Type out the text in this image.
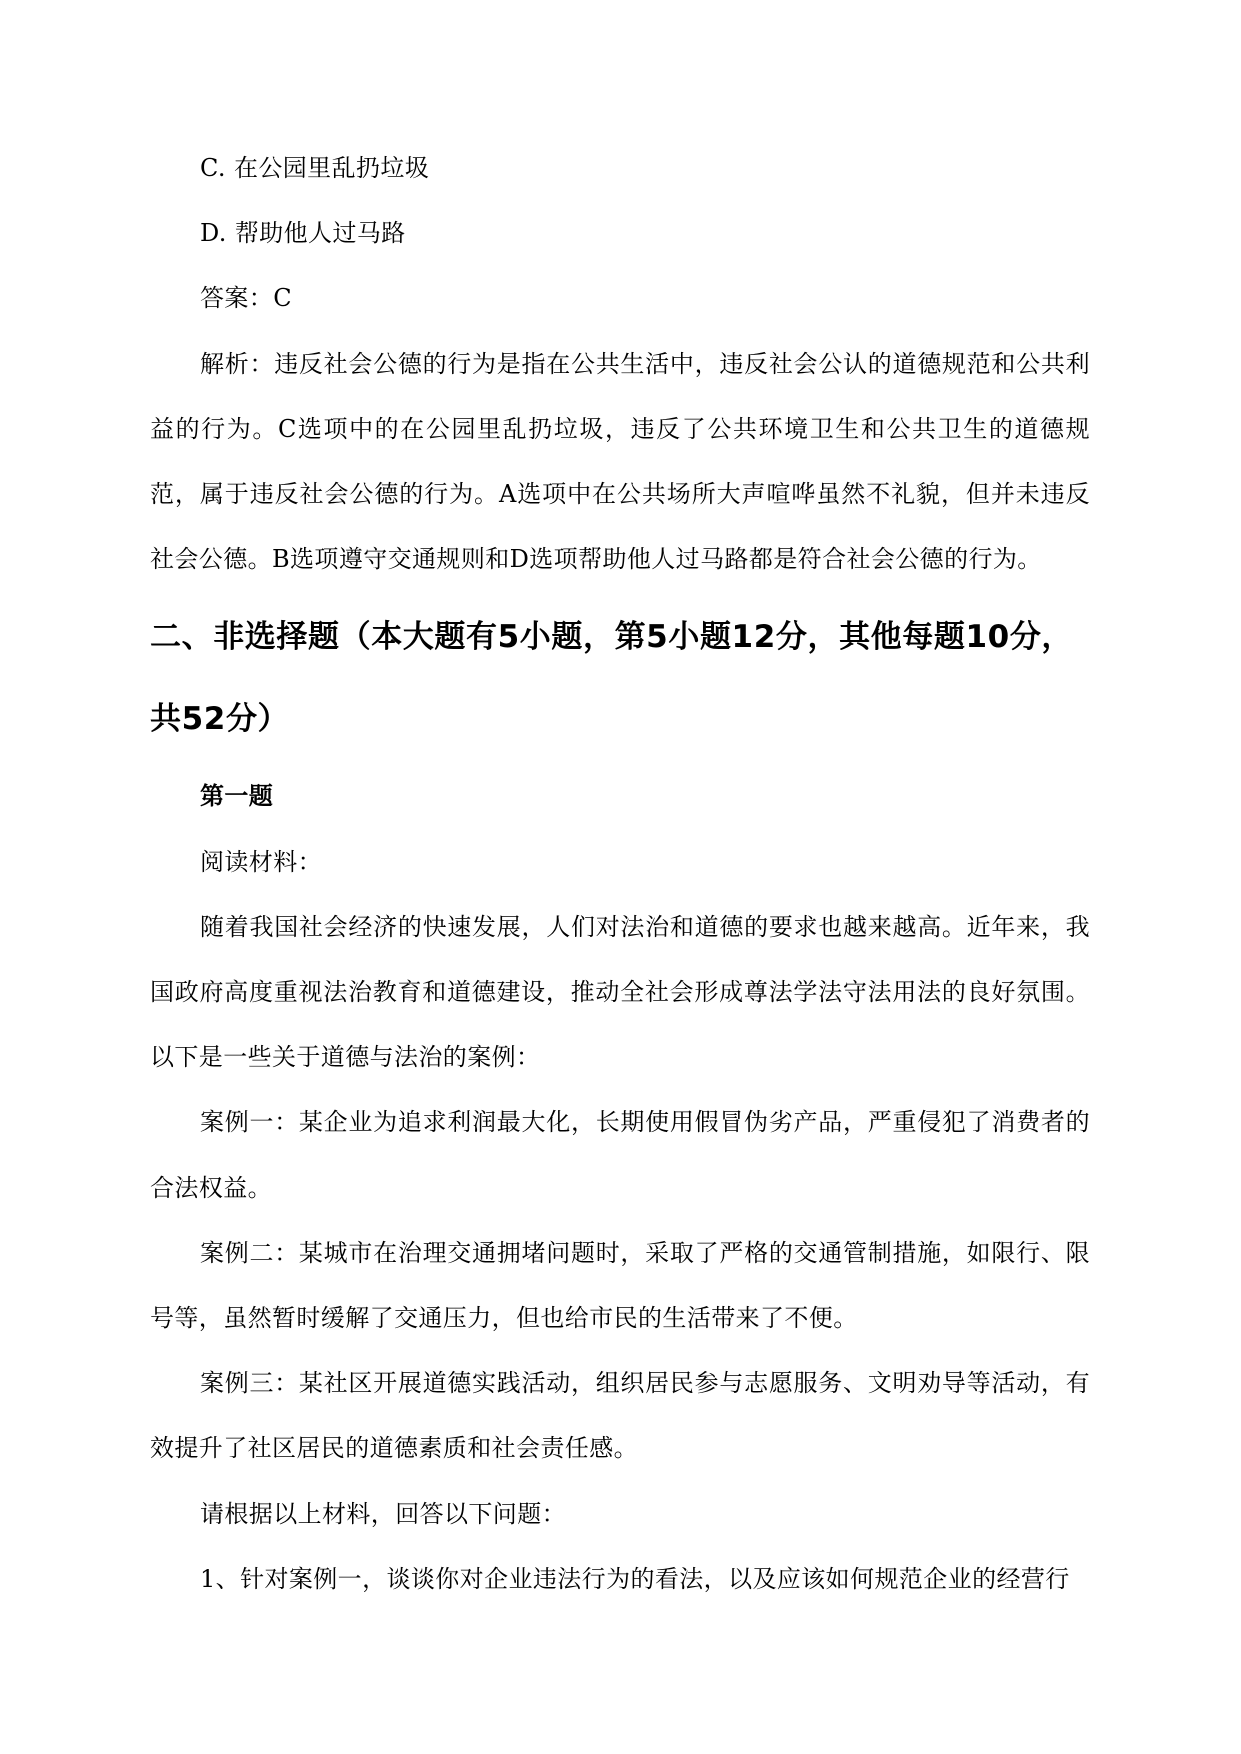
C. 在公园里乱扔垃圾

D. 帮助他人过马路

答案：C

解析：违反社会公德的行为是指在公共生活中，违反社会公认的道德规范和公共利益的行为。C选项中的在公园里乱扔垃圾，违反了公共环境卫生和公共卫生的道德规范，属于违反社会公德的行为。A选项中在公共场所大声喧哗虽然不礼貌，但并未违反社会公德。B选项遵守交通规则和D选项帮助他人过马路都是符合社会公德的行为。

二、非选择题（本大题有5小题，第5小题12分，其他每题10分，共52分）

第一题

阅读材料：

随着我国社会经济的快速发展，人们对法治和道德的要求也越来越高。近年来，我国政府高度重视法治教育和道德建设，推动全社会形成尊法学法守法用法的良好氛围。以下是一些关于道德与法治的案例：

案例一：某企业为追求利润最大化，长期使用假冒伪劣产品，严重侵犯了消费者的合法权益。

案例二：某城市在治理交通拥堵问题时，采取了严格的交通管制措施，如限行、限号等，虽然暂时缓解了交通压力，但也给市民的生活带来了不便。

案例三：某社区开展道德实践活动，组织居民参与志愿服务、文明劝导等活动，有效提升了社区居民的道德素质和社会责任感。

请根据以上材料，回答以下问题：

1、针对案例一，谈谈你对企业违法行为的看法，以及应该如何规范企业的经营行
